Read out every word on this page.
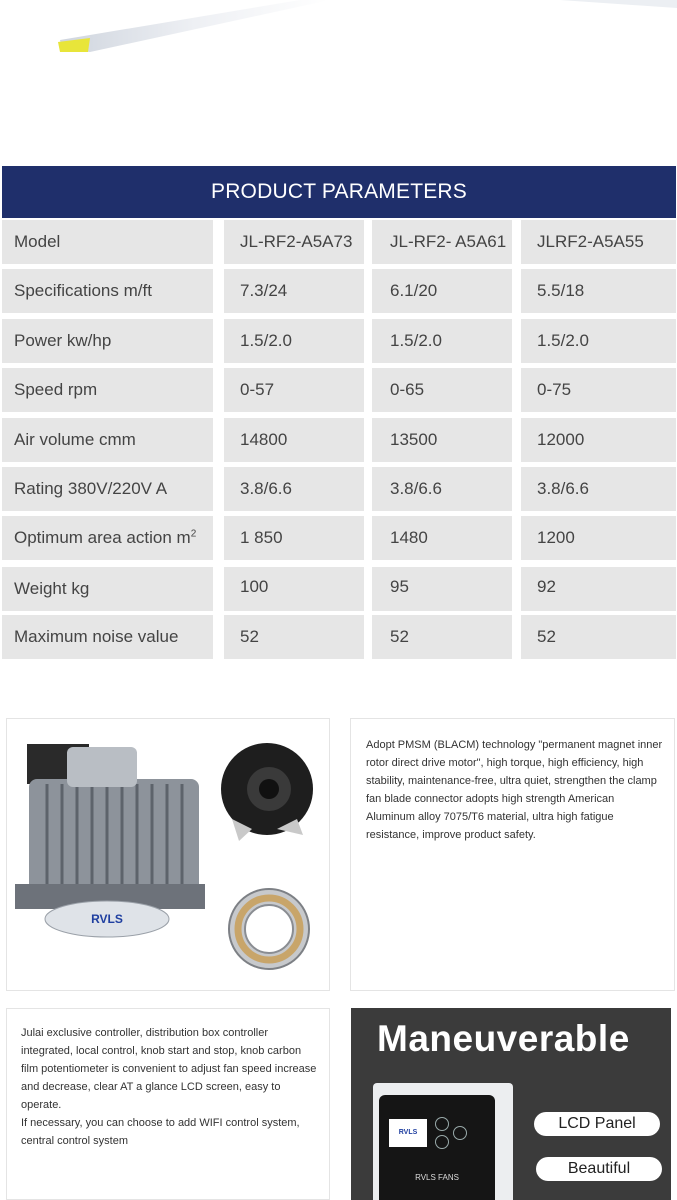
PRODUCT PARAMETERS
Model	JL-RF2-A5A73	JL-RF2- A5A61	JLRF2-A5A55
Specifications m/ft	7.3/24	6.1/20	5.5/18
Power kw/hp	1.5/2.0	1.5/2.0	1.5/2.0
Speed rpm	0-57	0-65	0-75
Air volume cmm	14800	13500	12000
Rating 380V/220V A	3.8/6.6	3.8/6.6	3.8/6.6
Optimum area action $m^2$	1 850	1480	1200
Weight kg	100	95	92
Maximum noise value	52	52	52
RVLS
Adopt PMSM (BLACM) technology "permanent magnet inner rotor direct drive motor", high torque, high efficiency, high stability, maintenance-free, ultra quiet, strengthen the clamp fan blade connector adopts high strength American Aluminum alloy 7075/T6 material, ultra high fatigue resistance, improve product safety.
Julai exclusive controller, distribution box controller integrated, local control, knob start and stop, knob carbon film potentiometer is convenient to adjust fan speed increase and decrease, clear AT a glance LCD screen, easy to operate.
If necessary, you can choose to add WIFI control system, central control system
Maneuverable
RVLS
RVLS FANS
LCD Panel
Beautiful
